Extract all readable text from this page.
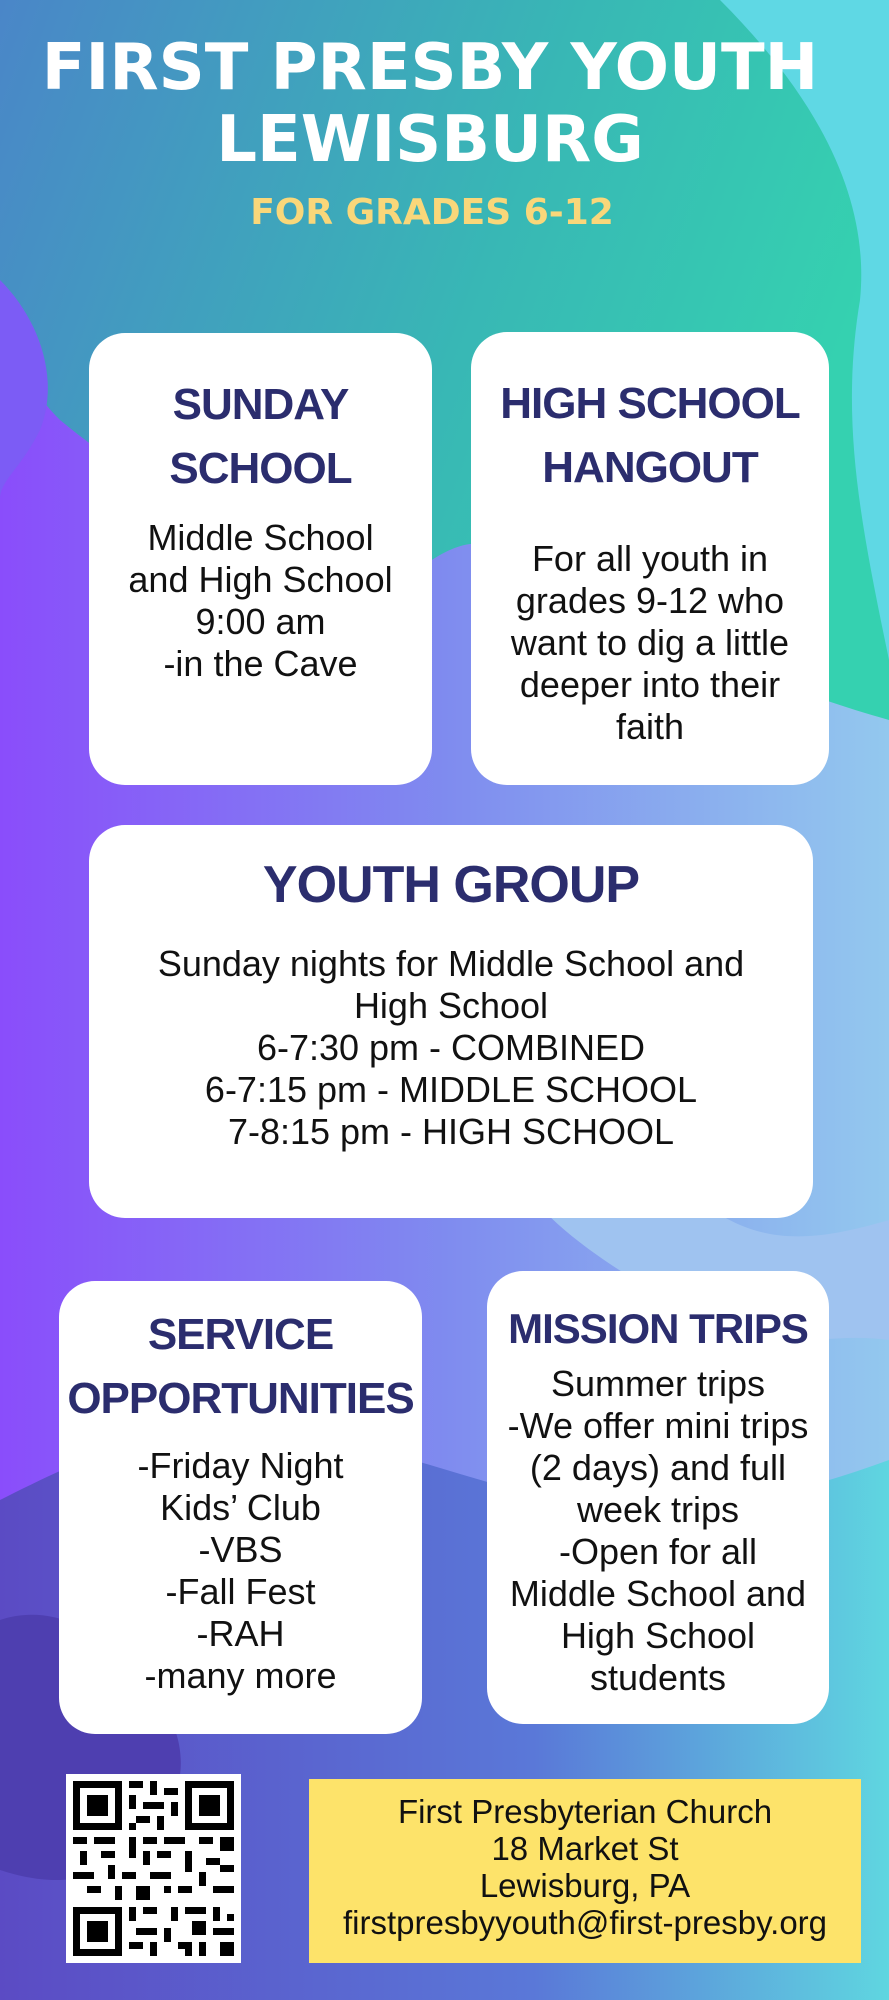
FIRST PRESBY YOUTH
LEWISBURG
FOR GRADES 6-12
SUNDAY
SCHOOL
Middle School
and High School
9:00 am
-in the Cave
HIGH SCHOOL
HANGOUT
For all youth in
grades 9-12 who
want to dig a little
deeper into their
faith
YOUTH GROUP
Sunday nights for Middle School and
High School
6-7:30 pm - COMBINED
6-7:15 pm - MIDDLE SCHOOL
7-8:15 pm - HIGH SCHOOL
SERVICE
OPPORTUNITIES
-Friday Night
Kids’ Club
-VBS
-Fall Fest
-RAH
-many more
MISSION TRIPS
Summer trips
-We offer mini trips
(2 days) and full
week trips
-Open for all
Middle School and
High School
students
First Presbyterian Church
18 Market St
Lewisburg, PA
firstpresbyyouth@first-presby.org
